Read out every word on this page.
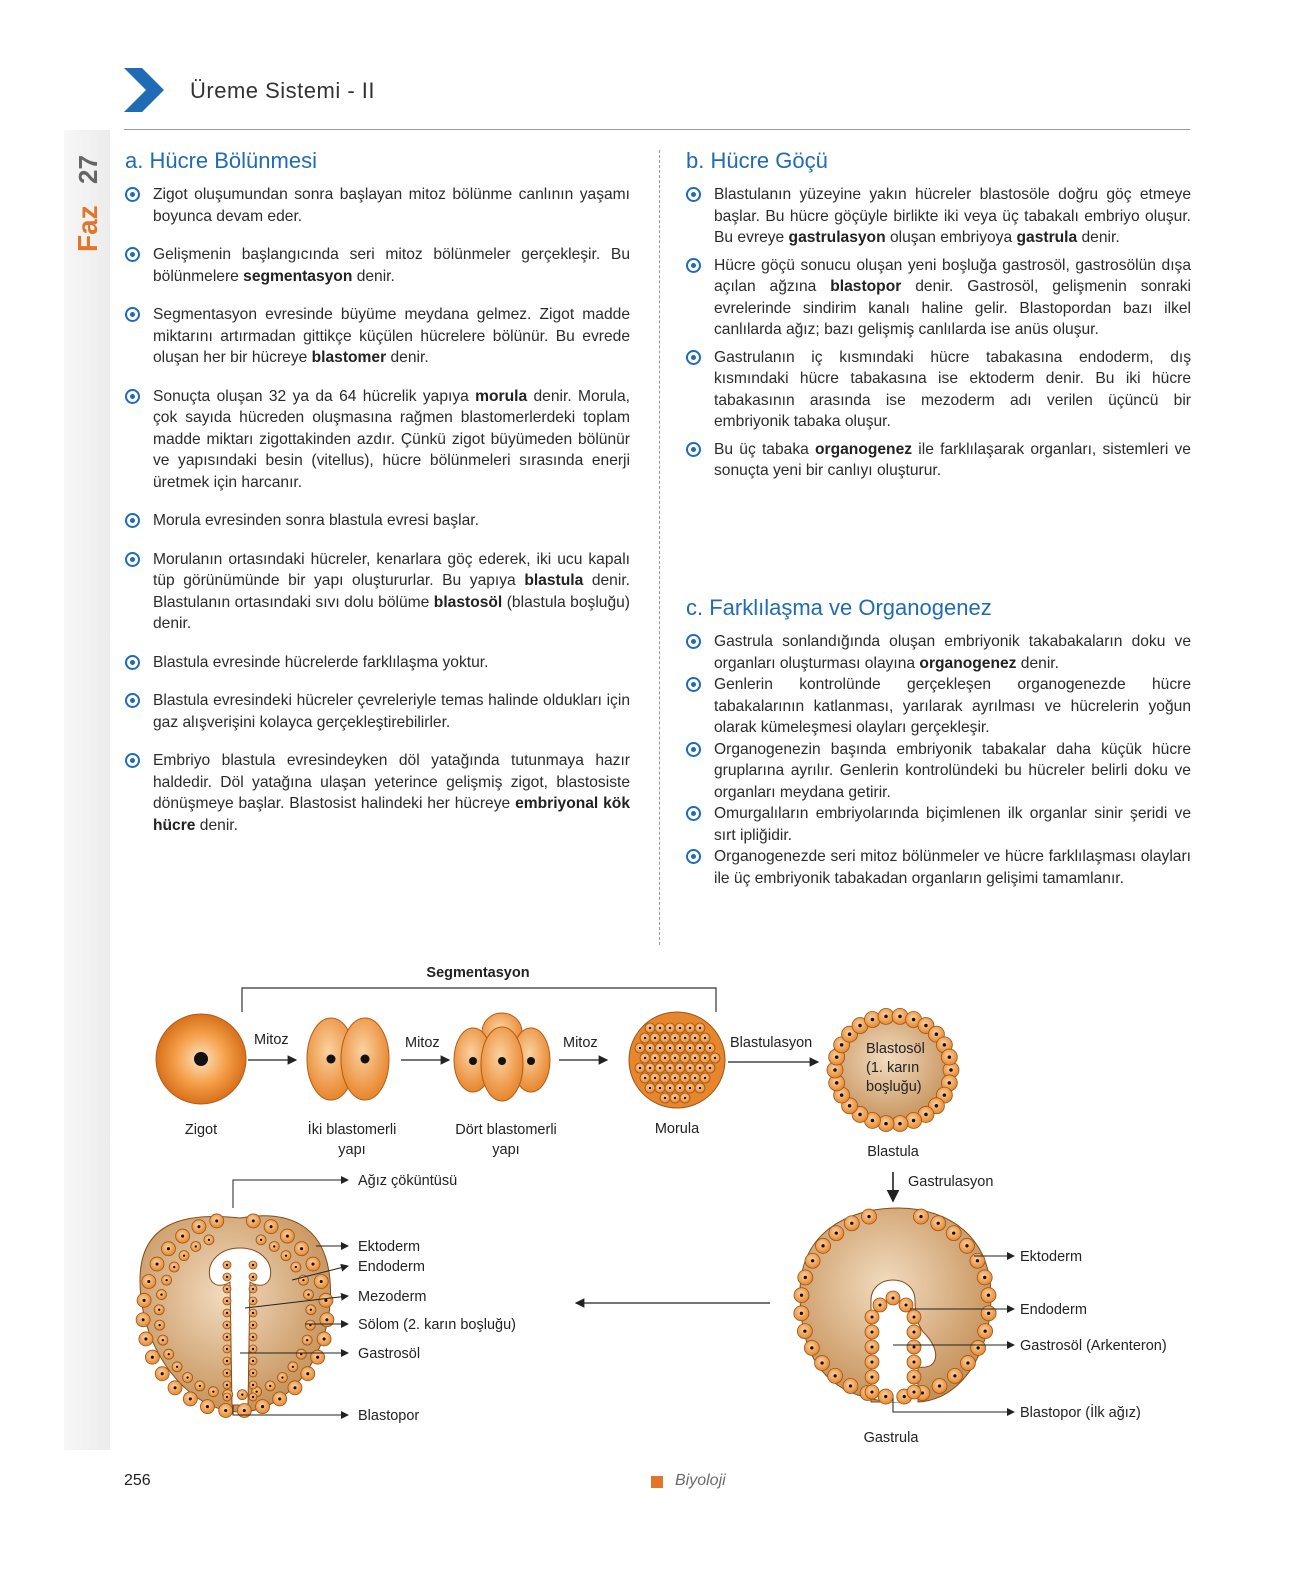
27
Faz
Üreme Sistemi - II
a. Hücre Bölünmesi
Zigot oluşumundan sonra başlayan mitoz bölünme canlının yaşamı boyunca devam eder.
Gelişmenin başlangıcında seri mitoz bölünmeler gerçekleşir. Bu bölünmelere segmentasyon denir.
Segmentasyon evresinde büyüme meydana gelmez. Zigot madde miktarını artırmadan gittikçe küçülen hücrelere bölünür. Bu evrede oluşan her bir hücreye blastomer denir.
Sonuçta oluşan 32 ya da 64 hücrelik yapıya morula denir. Morula, çok sayıda hücreden oluşmasına rağmen blastomerlerdeki toplam madde miktarı zigottakinden azdır. Çünkü zigot büyümeden bölünür ve yapısındaki besin (vitellus), hücre bölünmeleri sırasında enerji üretmek için harcanır.
Morula evresinden sonra blastula evresi başlar.
Morulanın ortasındaki hücreler, kenarlara göç ederek, iki ucu kapalı tüp görünümünde bir yapı oluştururlar. Bu yapıya blastula denir. Blastulanın ortasındaki sıvı dolu bölüme blastosöl (blastula boşluğu) denir.
Blastula evresinde hücrelerde farklılaşma yoktur.
Blastula evresindeki hücreler çevreleriyle temas halinde oldukları için gaz alışverişini kolayca gerçekleştirebilirler.
Embriyo blastula evresindeyken döl yatağında tutunmaya hazır haldedir. Döl yatağına ulaşan yeterince gelişmiş zigot, blastosiste dönüşmeye başlar. Blastosist halindeki her hücreye embriyonal kök hücre denir.
b. Hücre Göçü
Blastulanın yüzeyine yakın hücreler blastosöle doğru göç etmeye başlar. Bu hücre göçüyle birlikte iki veya üç tabakalı embriyo oluşur. Bu evreye gastrulasyon oluşan embriyoya gastrula denir.
Hücre göçü sonucu oluşan yeni boşluğa gastrosöl, gastrosölün dışa açılan ağzına blastopor denir. Gastrosöl, gelişmenin sonraki evrelerinde sindirim kanalı haline gelir. Blastopordan bazı ilkel canlılarda ağız; bazı gelişmiş canlılarda ise anüs oluşur.
Gastrulanın iç kısmındaki hücre tabakasına endoderm, dış kısmındaki hücre tabakasına ise ektoderm denir. Bu iki hücre tabakasının arasında ise mezoderm adı verilen üçüncü bir embriyonik tabaka oluşur.
Bu üç tabaka organogenez ile farklılaşarak organları, sistemleri ve sonuçta yeni bir canlıyı oluşturur.
c. Farklılaşma ve Organogenez
Gastrula sonlandığında oluşan embriyonik takabakaların doku ve organları oluşturması olayına organogenez denir.
Genlerin kontrolünde gerçekleşen organogenezde hücre tabakalarının katlanması, yarılarak ayrılması ve hücrelerin yoğun olarak kümeleşmesi olayları gerçekleşir.
Organogenezin başında embriyonik tabakalar daha küçük hücre gruplarına ayrılır. Genlerin kontrolündeki bu hücreler belirli doku ve organları meydana getirir.
Omurgalıların embriyolarında biçimlenen ilk organlar sinir şeridi ve sırt ipliğidir.
Organogenezde seri mitoz bölünmeler ve hücre farklılaşması olayları ile üç embriyonik tabakadan organların gelişimi tamamlanır.
Segmentasyon
Zigot
Mitoz
İki blastomerli
yapı
Mitoz
Dört blastomerli
yapı
Mitoz
Morula
Blastulasyon	Blastosöl
(1. karın
boşluğu)
Blastula
Gastrulasyon
Gastrula
Ektoderm
Endoderm
Gastrosöl (Arkenteron)
Blastopor (İlk ağız)
Ağız çöküntüsü
Ektoderm
Endoderm
Mezoderm
Sölom (2. karın boşluğu)
Gastrosöl
Blastopor
256	Biyoloji
